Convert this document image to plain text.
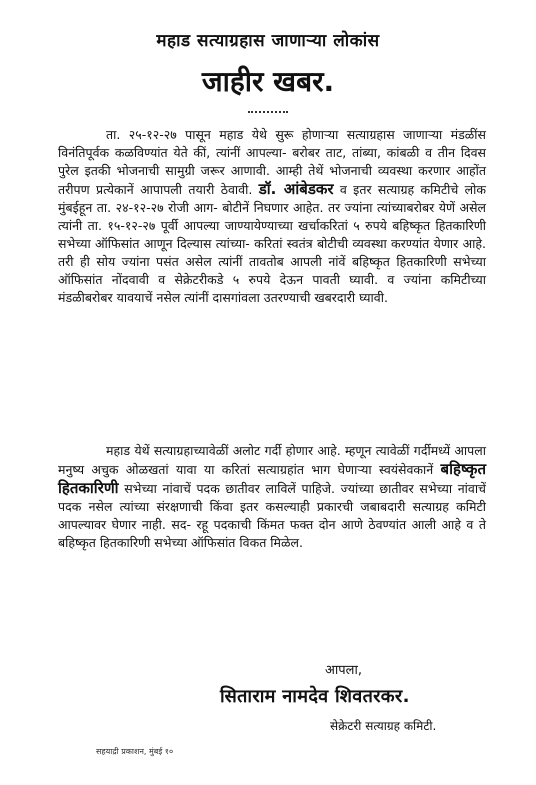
महाड सत्याग्रहास जाणाऱ्या लोकांस
जाहीर खबर.
ता. २५-१२-२७ पासून महाड येथे सुरू होणाऱ्या सत्याग्रहास जाणाऱ्या मंडळींस विनंतिपूर्वक कळविण्यांत येते कीं, त्यांनीं आपल्या- बरोबर ताट, तांब्या, कांबळी व तीन दिवस पुरेल इतकी भोजनाची सामुग्री जरूर आणावी. आम्ही तेथें भोजनाची व्यवस्था करणार आहोंत तरीपण प्रत्येकानें आपापली तयारी ठेवावी. डॉ. आंबेडकर व इतर सत्याग्रह कमिटीचे लोक मुंबईहून ता. २४-१२-२७ रोजी आग- बोटीनें निघणार आहेत. तर ज्यांना त्यांच्याबरोबर येणें असेल त्यांनी ता. १५-१२-२७ पूर्वी आपल्या जाण्यायेण्याच्या खर्चाकरितां ५ रुपये बहिष्कृत हितकारिणी सभेच्या ऑफिसांत आणून दिल्यास त्यांच्या- करितां स्वतंत्र बोटीची व्यवस्था करण्यांत येणार आहे. तरी ही सोय ज्यांना पसंत असेल त्यांनीं तावतोब आपली नांवें बहिष्कृत हितकारिणी सभेच्या ऑफिसांत नोंदवावी व सेक्रेटरीकडे ५ रुपये देऊन पावती घ्यावी. व ज्यांना कमिटीच्या मंडळीबरोबर यावयाचें नसेल त्यांनीं दासगांवला उतरण्याची खबरदारी घ्यावी.
महाड येथें सत्याग्रहाच्यावेळीं अलोट गर्दी होणार आहे. म्हणून त्यावेळीं गर्दीमध्यें आपला मनुष्य अचुक ओळखतां यावा या करितां सत्याग्रहांत भाग घेणाऱ्या स्वयंसेवकानें बहिष्कृत हितकारिणी सभेच्या नांवाचें पदक छातीवर लाविलें पाहिजे. ज्यांच्या छातीवर सभेच्या नांवाचें पदक नसेल त्यांच्या संरक्षणाची किंवा इतर कसल्याही प्रकारची जबाबदारी सत्याग्रह कमिटी आपल्यावर घेणार नाही. सद- रहू पदकाची किंमत फक्त दोन आणे ठेवण्यांत आली आहे व ते बहिष्कृत हितकारिणी सभेच्या ऑफिसांत विकत मिळेल.
आपला,
सिताराम नामदेव शिवतरकर.
सेक्रेटरी सत्याग्रह कमिटी.
सहयाद्री प्रकाशन, मुंबई १०
